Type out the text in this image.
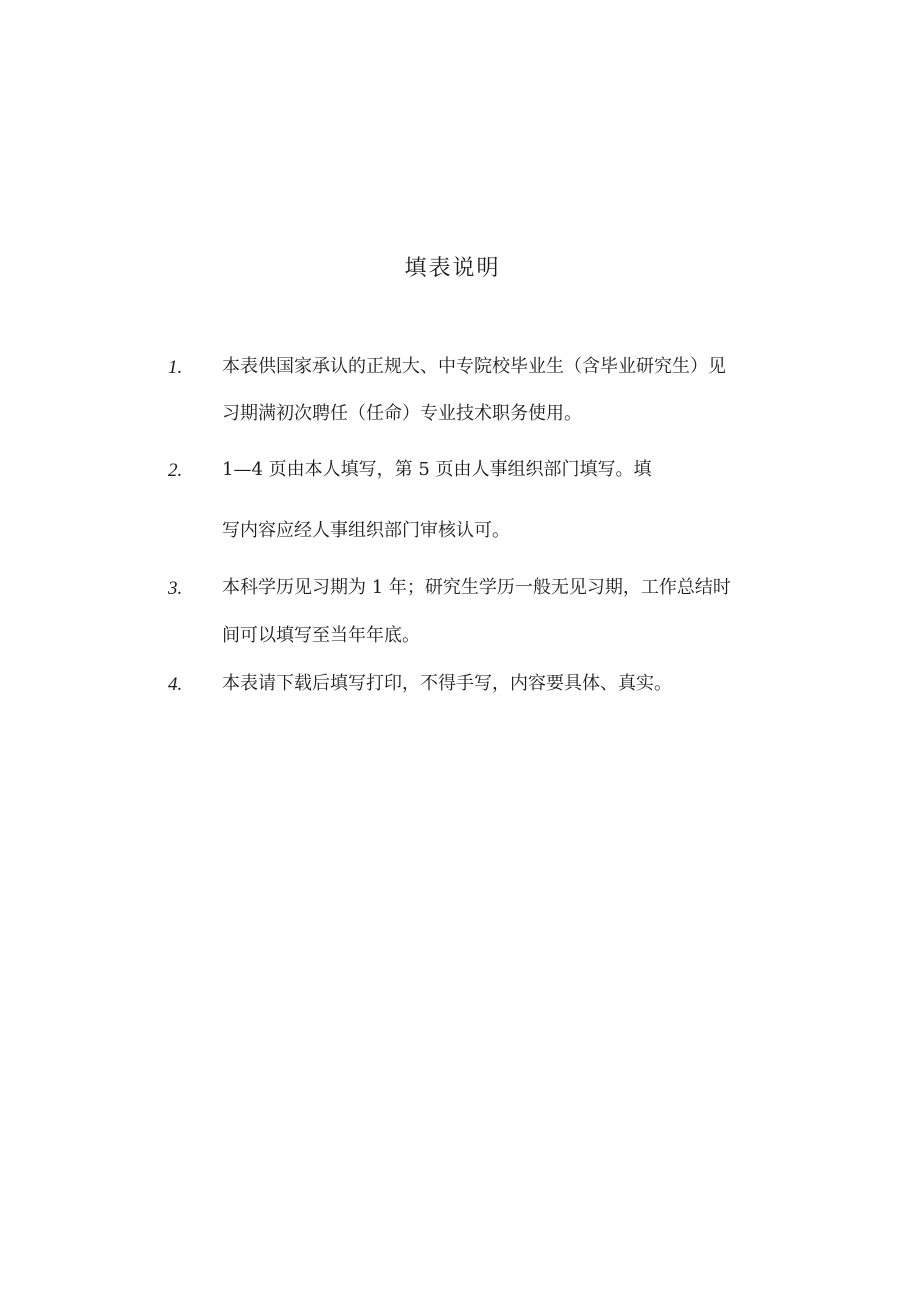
填表说明
1. 本表供国家承认的正规大、中专院校毕业生（含毕业研究生）见
习期满初次聘任（任命）专业技术职务使用。
2. 1—4 页由本人填写，第 5 页由人事组织部门填写。填
写内容应经人事组织部门审核认可。
3. 本科学历见习期为 1 年；研究生学历一般无见习期，工作总结时
间可以填写至当年年底。
4. 本表请下载后填写打印，不得手写，内容要具体、真实。
